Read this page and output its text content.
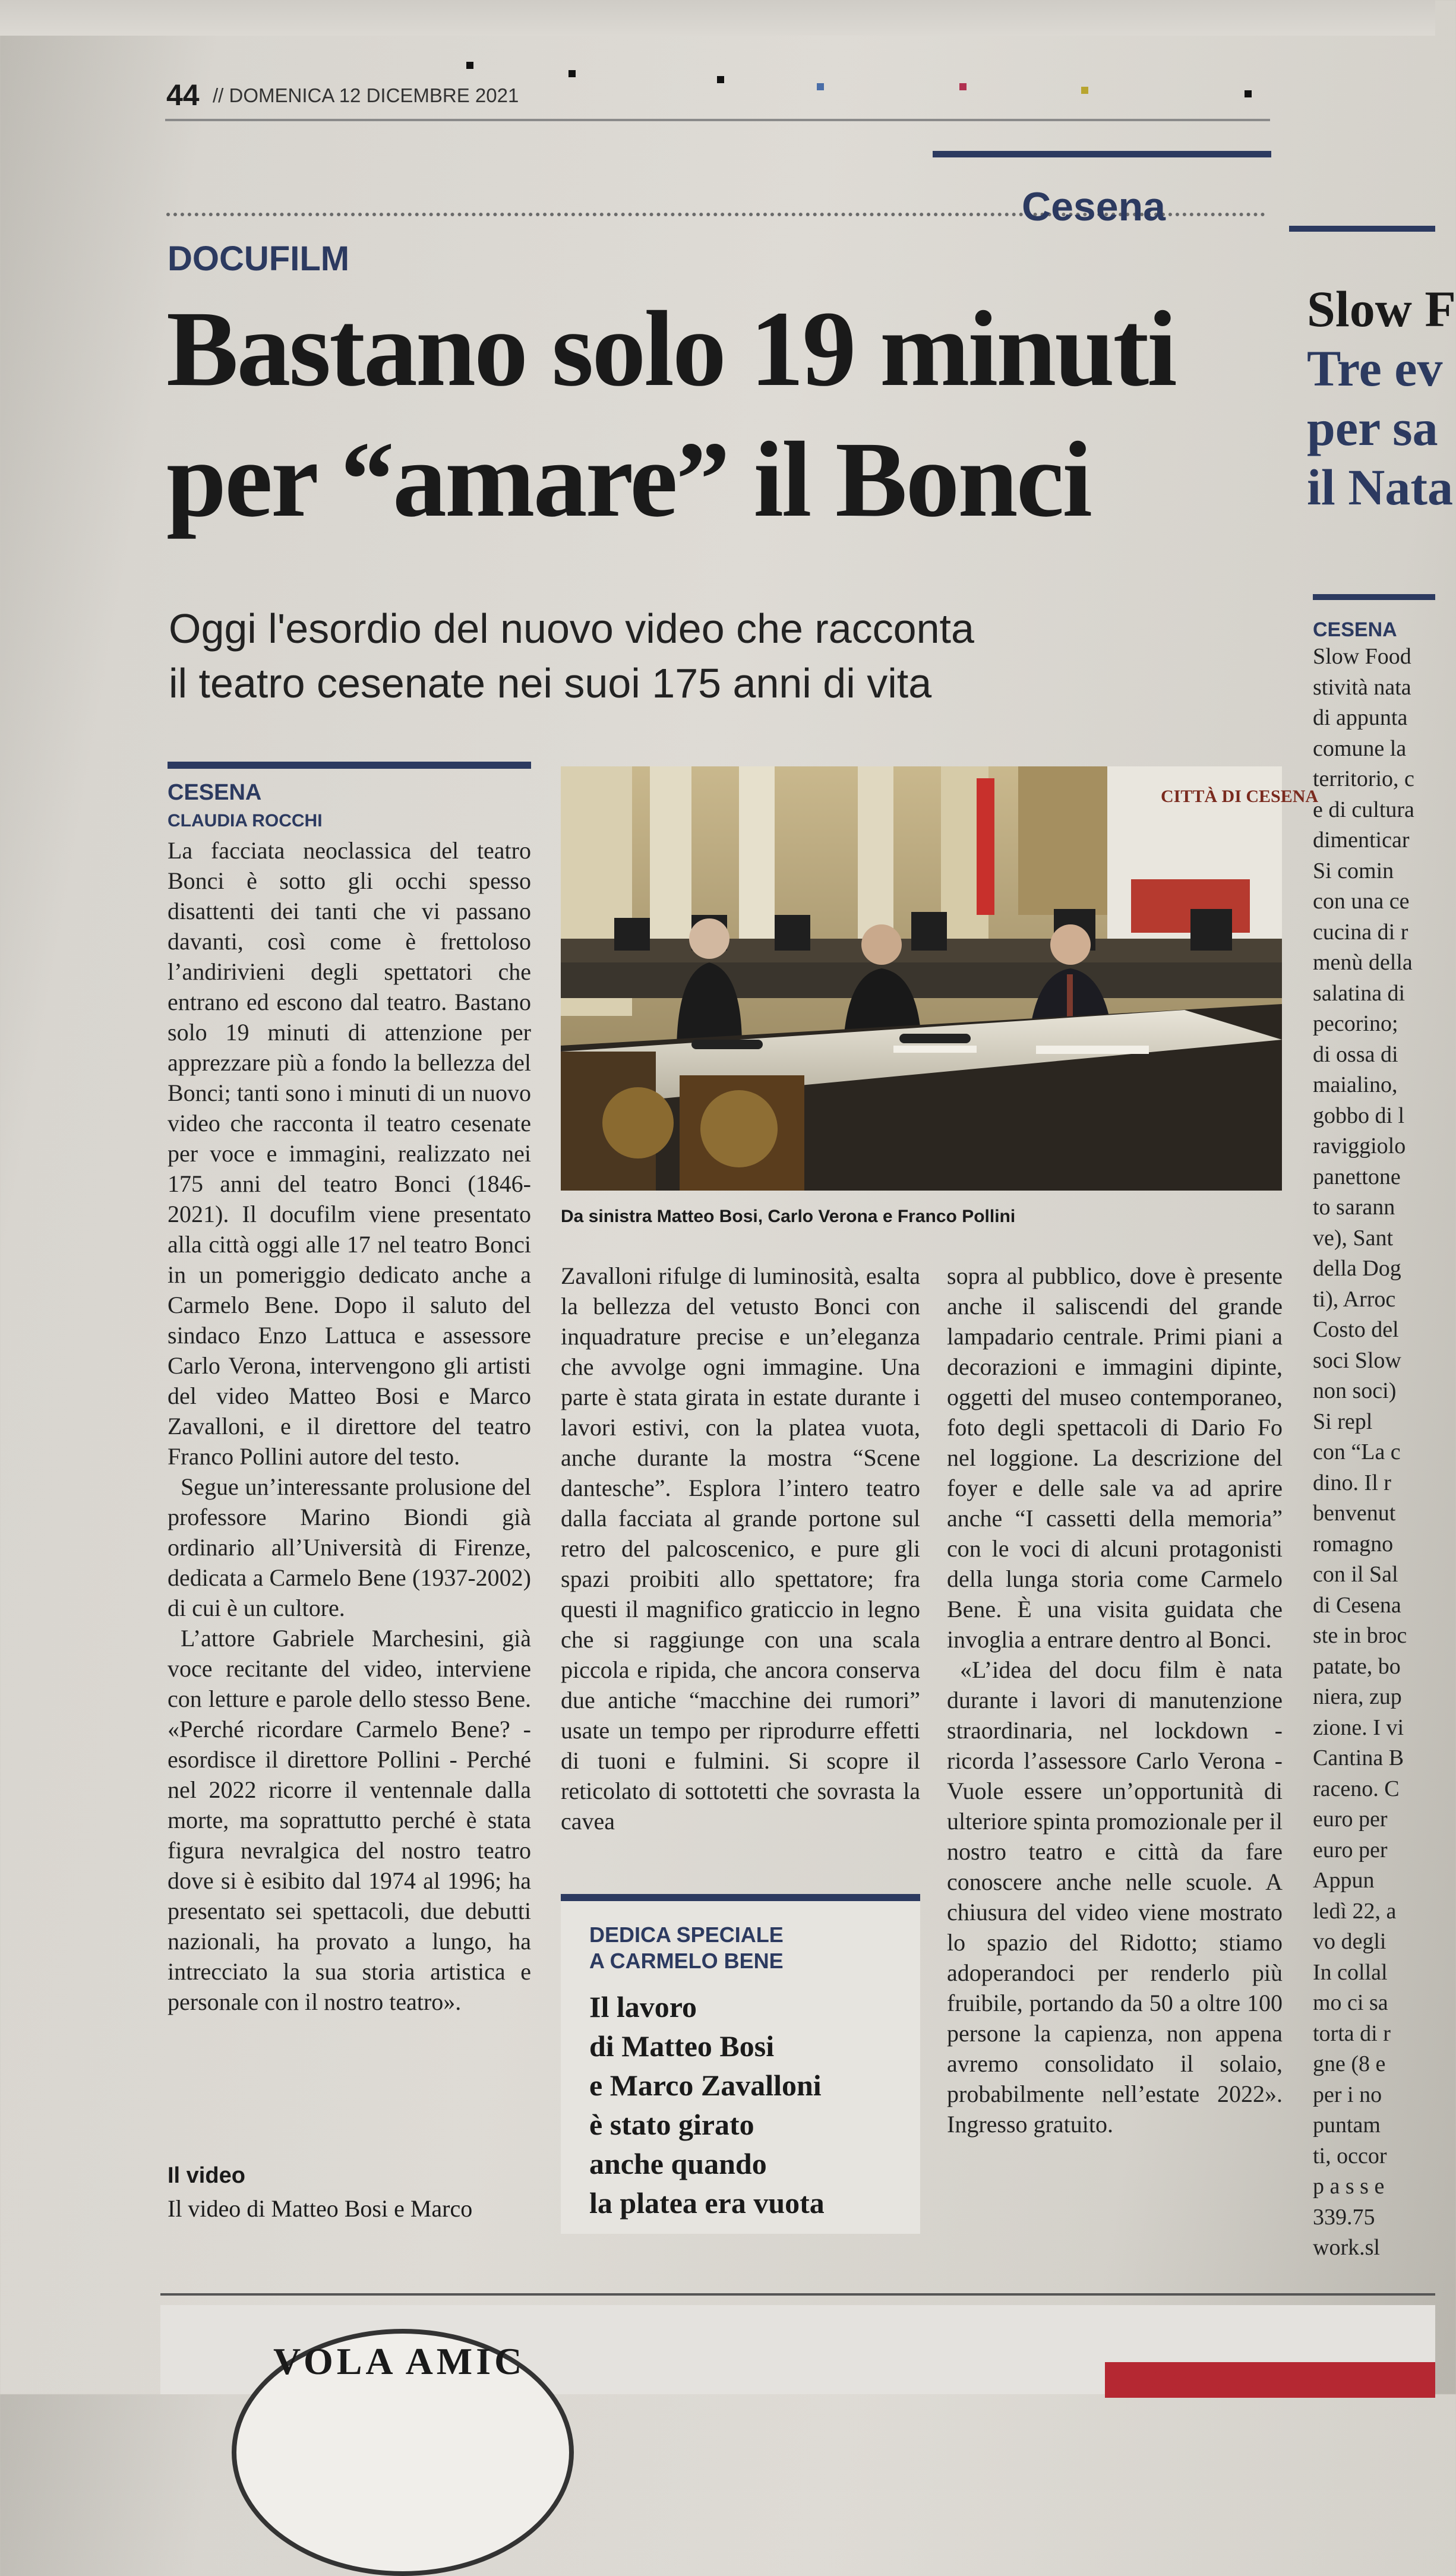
44 // DOMENICA 12 DICEMBRE 2021
Cesena
DOCUFILM
Bastano solo 19 minuti
per “amare” il Bonci
Oggi l'esordio del nuovo video che racconta
il teatro cesenate nei suoi 175 anni di vita
CESENA
CLAUDIA ROCCHI

La facciata neoclassica del teatro Bonci è sotto gli occhi spesso disattenti dei tanti che vi passano davanti, così come è frettoloso l’andirivieni degli spettatori che entrano ed escono dal teatro. Bastano solo 19 minuti di attenzione per apprezzare più a fondo la bellezza del Bonci; tanti sono i minuti di un nuovo video che racconta il teatro cesenate per voce e immagini, realizzato nei 175 anni del teatro Bonci (1846-2021). Il docufilm viene presentato alla città oggi alle 17 nel teatro Bonci in un pomeriggio dedicato anche a Carmelo Bene. Dopo il saluto del sindaco Enzo Lattuca e assessore Carlo Verona, intervengono gli artisti del video Matteo Bosi e Marco Zavalloni, e il direttore del teatro Franco Pollini autore del testo.

Segue un’interessante prolusione del professore Marino Biondi già ordinario all’Università di Firenze, dedicata a Carmelo Bene (1937-2002) di cui è un cultore.

L’attore Gabriele Marchesini, già voce recitante del video, interviene con letture e parole dello stesso Bene. «Perché ricordare Carmelo Bene? - esordisce il direttore Pollini - Perché nel 2022 ricorre il ventennale dalla morte, ma soprattutto perché è stata figura nevralgica del nostro teatro dove si è esibito dal 1974 al 1996; ha presentato sei spettacoli, due debutti nazionali, ha provato a lungo, ha intrecciato la sua storia artistica e personale con il nostro teatro».

Il video
Il video di Matteo Bosi e Marco
CITTÀ DI CESENA
Da sinistra Matteo Bosi, Carlo Verona e Franco Pollini

Zavalloni rifulge di luminosità, esalta la bellezza del vetusto Bonci con inquadrature precise e un’eleganza che avvolge ogni immagine. Una parte è stata girata in estate durante i lavori estivi, con la platea vuota, anche durante la mostra “Scene dantesche”. Esplora l’intero teatro dalla facciata al grande portone sul retro del palcoscenico, e pure gli spazi proibiti allo spettatore; fra questi il magnifico graticcio in legno che si raggiunge con una scala piccola e ripida, che ancora conserva due antiche “macchine dei rumori” usate un tempo per riprodurre effetti di tuoni e fulmini. Si scopre il reticolato di sottotetti che sovrasta la cavea

DEDICA SPECIALE
A CARMELO BENE
Il lavoro
di Matteo Bosi
e Marco Zavalloni
è stato girato
anche quando
la platea era vuota

sopra al pubblico, dove è presente anche il saliscendi del grande lampadario centrale. Primi piani a decorazioni e immagini dipinte, oggetti del museo contemporaneo, foto degli spettacoli di Dario Fo nel loggione. La descrizione del foyer e delle sale va ad aprire anche “I cassetti della memoria” con le voci di alcuni protagonisti della lunga storia come Carmelo Bene. È una visita guidata che invoglia a entrare dentro al Bonci.

«L’idea del docu film è nata durante i lavori di manutenzione straordinaria, nel lockdown - ricorda l’assessore Carlo Verona - Vuole essere un’opportunità di ulteriore spinta promozionale per il nostro teatro e città da fare conoscere anche nelle scuole. A chiusura del video viene mostrato lo spazio del Ridotto; stiamo adoperandoci per renderlo più fruibile, portando da 50 a oltre 100 persone la capienza, non appena avremo consolidato il solaio, probabilmente nell’estate 2022». Ingresso gratuito.

Slow F
Tre ev
per sa
il Nata
CESENA
Slow Food
stività nata
di appunta
comune la
territorio, c
e di cultura
dimenticar
Si comin
con una ce
cucina di r
menù della
salatina di
pecorino;
di ossa di
maialino,
gobbo di l
raviggiolo
panettone
to sarann
ve), Sant
della Dog
ti), Arroc
Costo del
soci Slow
non soci)
Si repl
con “La c
dino. Il r
benvenut
romagno
con il Sal
di Cesena
ste in broc
patate, bo
niera, zup
zione. I vi
Cantina B
raceno. C
euro per
euro per
Appun
ledì 22, a
vo degli
In collal
mo ci sa
torta di r
gne (8 e
per i no
puntam
ti, occor
p a s s e
339.75
work.sl
VOLA AMIC	MAGGI - S
